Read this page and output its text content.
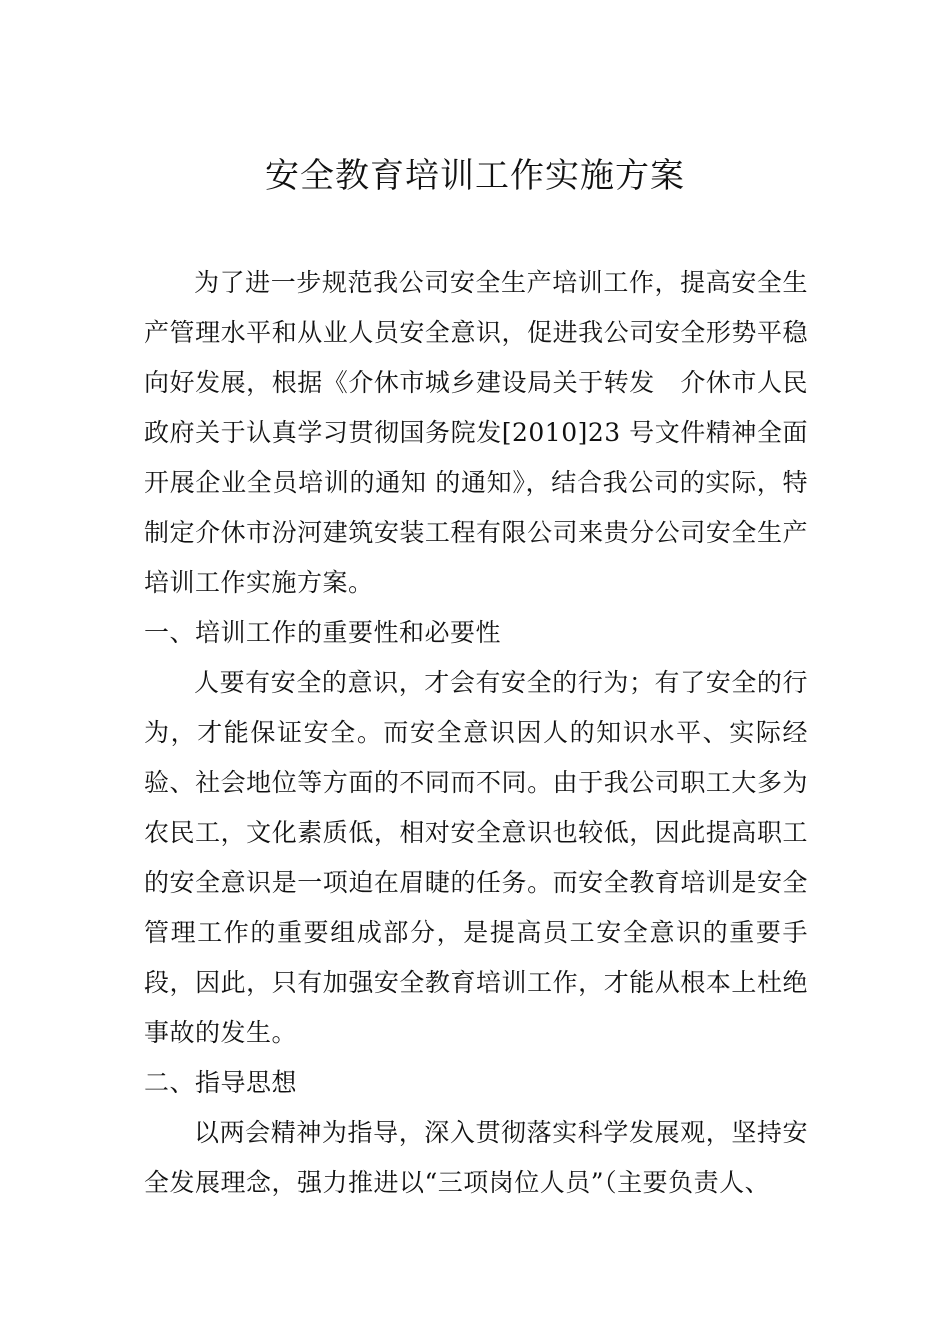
安全教育培训工作实施方案

为了进一步规范我公司安全生产培训工作，提高安全生产管理水平和从业人员安全意识，促进我公司安全形势平稳向好发展，根据《介休市城乡建设局关于转发　介休市人民政府关于认真学习贯彻国务院发[2010]23 号文件精神全面开展企业全员培训的通知 的通知》，结合我公司的实际，特制定介休市汾河建筑安装工程有限公司来贵分公司安全生产培训工作实施方案。

一、培训工作的重要性和必要性

人要有安全的意识，才会有安全的行为；有了安全的行为，才能保证安全。而安全意识因人的知识水平、实际经验、社会地位等方面的不同而不同。由于我公司职工大多为农民工，文化素质低，相对安全意识也较低，因此提高职工的安全意识是一项迫在眉睫的任务。而安全教育培训是安全管理工作的重要组成部分，是提高员工安全意识的重要手段，因此，只有加强安全教育培训工作，才能从根本上杜绝事故的发生。

二、指导思想

以两会精神为指导，深入贯彻落实科学发展观，坚持安全发展理念，强力推进以“三项岗位人员”（主要负责人、
